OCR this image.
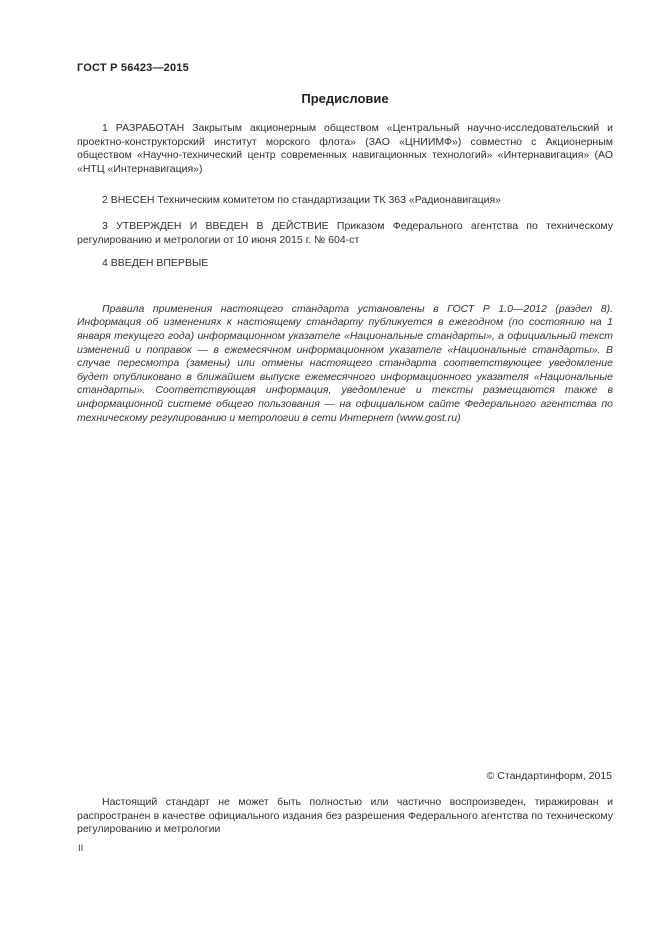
ГОСТ Р 56423—2015
Предисловие

1 РАЗРАБОТАН Закрытым акционерным обществом «Центральный научно-исследовательский и проектно-конструкторский институт морского флота» (ЗАО «ЦНИИМФ») совместно с Акционерным обществом «Научно-технический центр современных навигационных технологий» «Интернавигация» (АО «НТЦ «Интернавигация»)

2 ВНЕСЕН Техническим комитетом по стандартизации ТК 363 «Радионавигация»

3 УТВЕРЖДЕН И ВВЕДЕН В ДЕЙСТВИЕ Приказом Федерального агентства по техническому регулированию и метрологии от 10 июня 2015 г. № 604-ст

4 ВВЕДЕН ВПЕРВЫЕ

Правила применения настоящего стандарта установлены в ГОСТ Р 1.0—2012 (раздел 8). Информация об изменениях к настоящему стандарту публикуется в ежегодном (по состоянию на 1 января текущего года) информационном указателе «Национальные стандарты», а официальный текст изменений и поправок — в ежемесячном информационном указателе «Национальные стандарты». В случае пересмотра (замены) или отмены настоящего стандарта соответствующее уведомление будет опубликовано в ближайшем выпуске ежемесячного информационного указателя «Национальные стандарты». Соответствующая информация, уведомление и тексты размещаются также в информационной системе общего пользования — на официальном сайте Федерального агентства по техническому регулированию и метрологии в сети Интернет (www.gost.ru)

© Стандартинформ, 2015

Настоящий стандарт не может быть полностью или частично воспроизведен, тиражирован и распространен в качестве официального издания без разрешения Федерального агентства по техническому регулированию и метрологии

II
